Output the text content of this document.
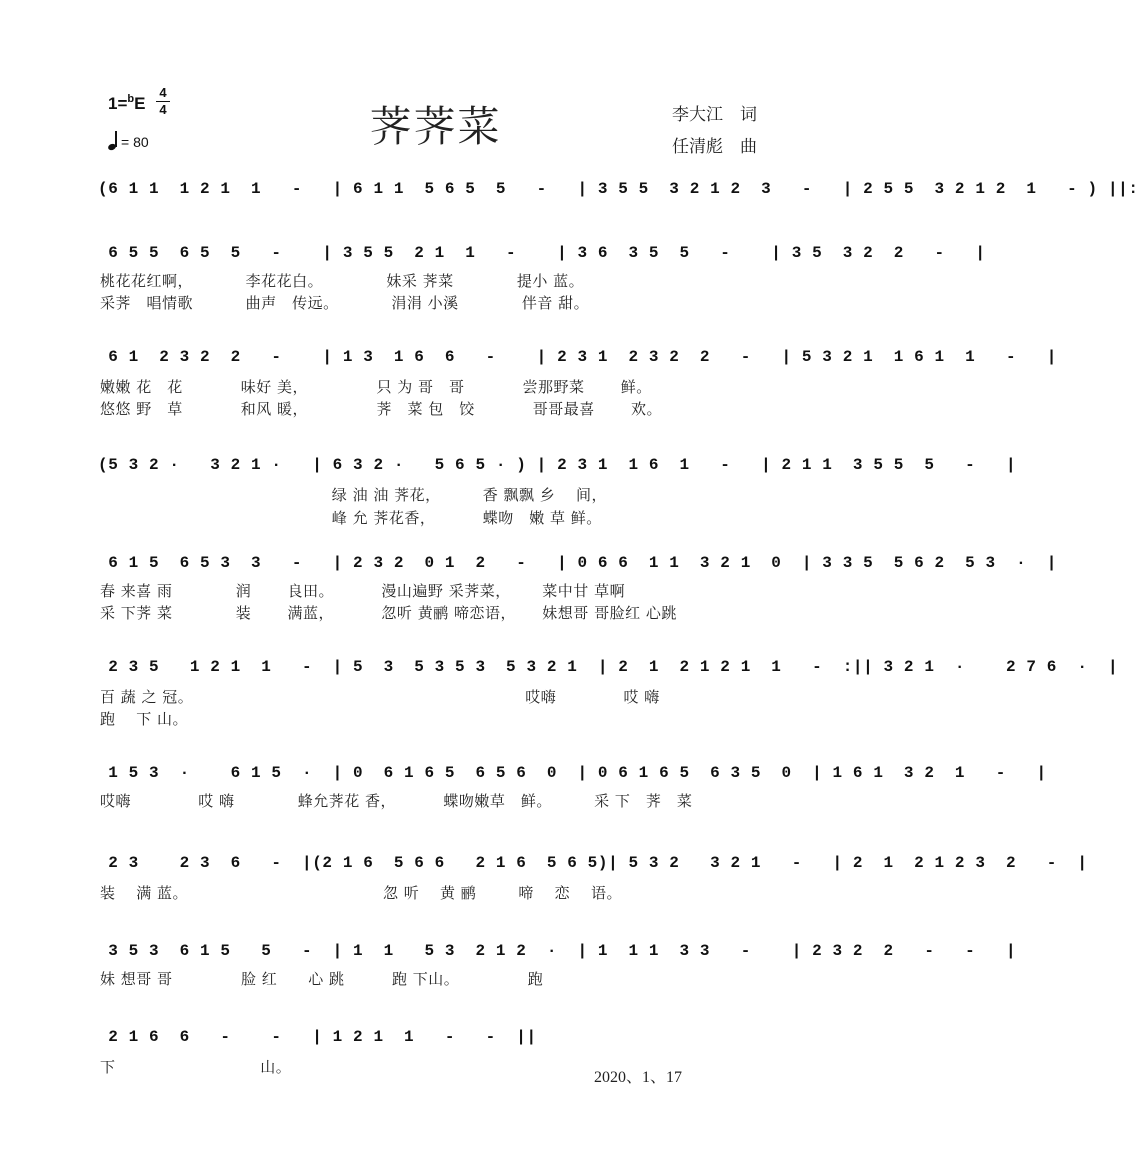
1=$^b$E
4
4
= 80	荠荠菜	李大江　词
任清彪　曲
(6 1 1  1 2 1  1   -   | 6 1 1  5 6 5  5   -   | 3 5 5  3 2 1 2  3   -   | 2 5 5  3 2 1 2  1   - ) ||:
6 5 5  6 5  5   -    | 3 5 5  2 1  1   -    | 3 6  3 5  5   -    | 3 5  3 2  2   -   |
桃花花红啊，          李花花白。            妹采 荠菜            提小 蓝。
采荠　唱情歌          曲声　传远。          涓涓 小溪            伴音 甜。
6 1  2 3 2  2   -    | 1 3  1 6  6   -    | 2 3 1  2 3 2  2   -   | 5 3 2 1  1 6 1  1   -   |
嫩嫩 花　花           味好 美，             只 为 哥　哥           尝那野菜　　 鲜。
悠悠 野　草           和风 暖，             荠　菜 包　饺           哥哥最喜　　 欢。
(5 3 2 ·   3 2 1 ·   | 6 3 2 ·   5 6 5 · ) | 2 3 1  1 6  1   -   | 2 1 1  3 5 5  5   -   |
绿 油 油 荠花，        香 飘飘 乡　 间，
峰 允 荠花香，         蝶吻　嫩 草 鲜。
6 1 5  6 5 3  3   -   | 2 3 2  0 1  2   -   | 0 6 6  1 1  3 2 1  0  | 3 3 5  5 6 2  5 3  ·  |
春 来喜 雨            润　　 良田。         漫山遍野 采荠菜，      菜中甘 草啊
采 下荠 菜            装　　 满蓝，         忽听 黄鹂 啼恋语，     妹想哥 哥脸红 心跳
2 3 5   1 2 1  1   -  | 5  3  5 3 5 3  5 3 2 1  | 2  1  2 1 2 1  1   -  :|| 3 2 1  ·    2 7 6  ·  |
百 蔬 之 冠。                                                               哎嗨　　　　 哎 嗨
跑　 下 山。
1 5 3  ·    6 1 5  ·  | 0  6 1 6 5  6 5 6  0  | 0 6 1 6 5  6 3 5  0  | 1 6 1  3 2  1   -   |
哎嗨　　　　 哎 嗨            蜂允荠花 香，         蝶吻嫩草　鲜。        采 下　荠　菜
2 3    2 3  6   -  |(2 1 6  5 6 6   2 1 6  5 6 5)| 5 3 2   3 2 1   -   | 2  1  2 1 2 3  2   -  |
装　 满 蓝。                                     忽 听　 黄 鹂        啼　 恋　 语。
3 5 3  6 1 5   5   -  | 1  1   5 3  2 1 2  ·  | 1  1 1  3 3   -    | 2 3 2  2   -   -   |
妹 想哥 哥             脸 红　　心 跳         跑 下山。             跑
2 1 6  6   -    -   | 1 2 1  1   -   -  ||
下　　　　　　　　　 山。
2020、1、17
